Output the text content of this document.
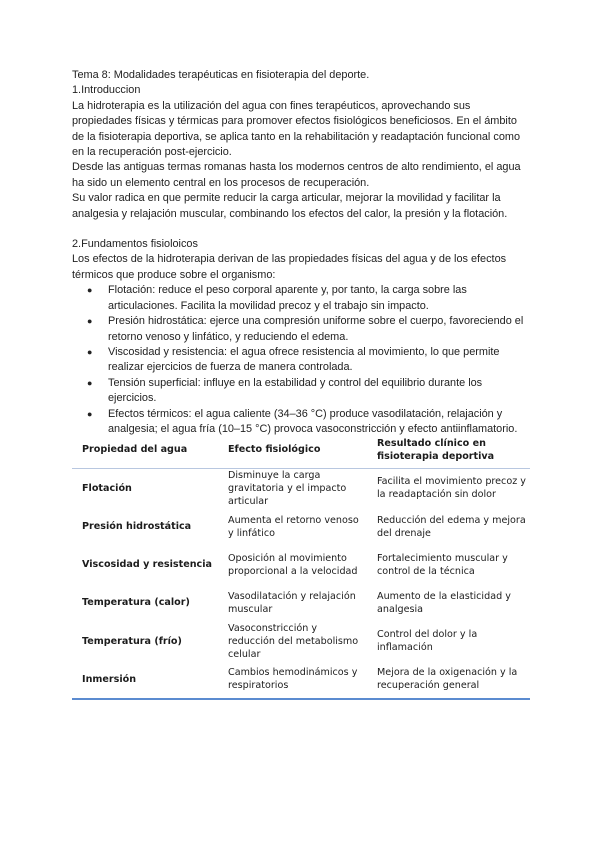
Tema 8: Modalidades terapéuticas en fisioterapia del deporte.

1.Introduccion

La hidroterapia es la utilización del agua con fines terapéuticos, aprovechando sus propiedades físicas y térmicas para promover efectos fisiológicos beneficiosos. En el ámbito de la fisioterapia deportiva, se aplica tanto en la rehabilitación y readaptación funcional como en la recuperación post-ejercicio.

Desde las antiguas termas romanas hasta los modernos centros de alto rendimiento, el agua ha sido un elemento central en los procesos de recuperación.

Su valor radica en que permite reducir la carga articular, mejorar la movilidad y facilitar la analgesia y relajación muscular, combinando los efectos del calor, la presión y la flotación.

2.Fundamentos fisioloicos

Los efectos de la hidroterapia derivan de las propiedades físicas del agua y de los efectos térmicos que produce sobre el organismo:

● Flotación: reduce el peso corporal aparente y, por tanto, la carga sobre las articulaciones. Facilita la movilidad precoz y el trabajo sin impacto.
● Presión hidrostática: ejerce una compresión uniforme sobre el cuerpo, favoreciendo el retorno venoso y linfático, y reduciendo el edema.
● Viscosidad y resistencia: el agua ofrece resistencia al movimiento, lo que permite realizar ejercicios de fuerza de manera controlada.
● Tensión superficial: influye en la estabilidad y control del equilibrio durante los ejercicios.
● Efectos térmicos: el agua caliente (34–36 °C) produce vasodilatación, relajación y analgesia; el agua fría (10–15 °C) provoca vasoconstricción y efecto antiinflamatorio.
Propiedad del agua	Efecto fisiológico	Resultado clínico en fisioterapia deportiva
Flotación	Disminuye la carga gravitatoria y el impacto articular	Facilita el movimiento precoz y la readaptación sin dolor
Presión hidrostática	Aumenta el retorno venoso y linfático	Reducción del edema y mejora del drenaje
Viscosidad y resistencia	Oposición al movimiento proporcional a la velocidad	Fortalecimiento muscular y control de la técnica
Temperatura (calor)	Vasodilatación y relajación muscular	Aumento de la elasticidad y analgesia
Temperatura (frío)	Vasoconstricción y reducción del metabolismo celular	Control del dolor y la inflamación
Inmersión	Cambios hemodinámicos y respiratorios	Mejora de la oxigenación y la recuperación general
